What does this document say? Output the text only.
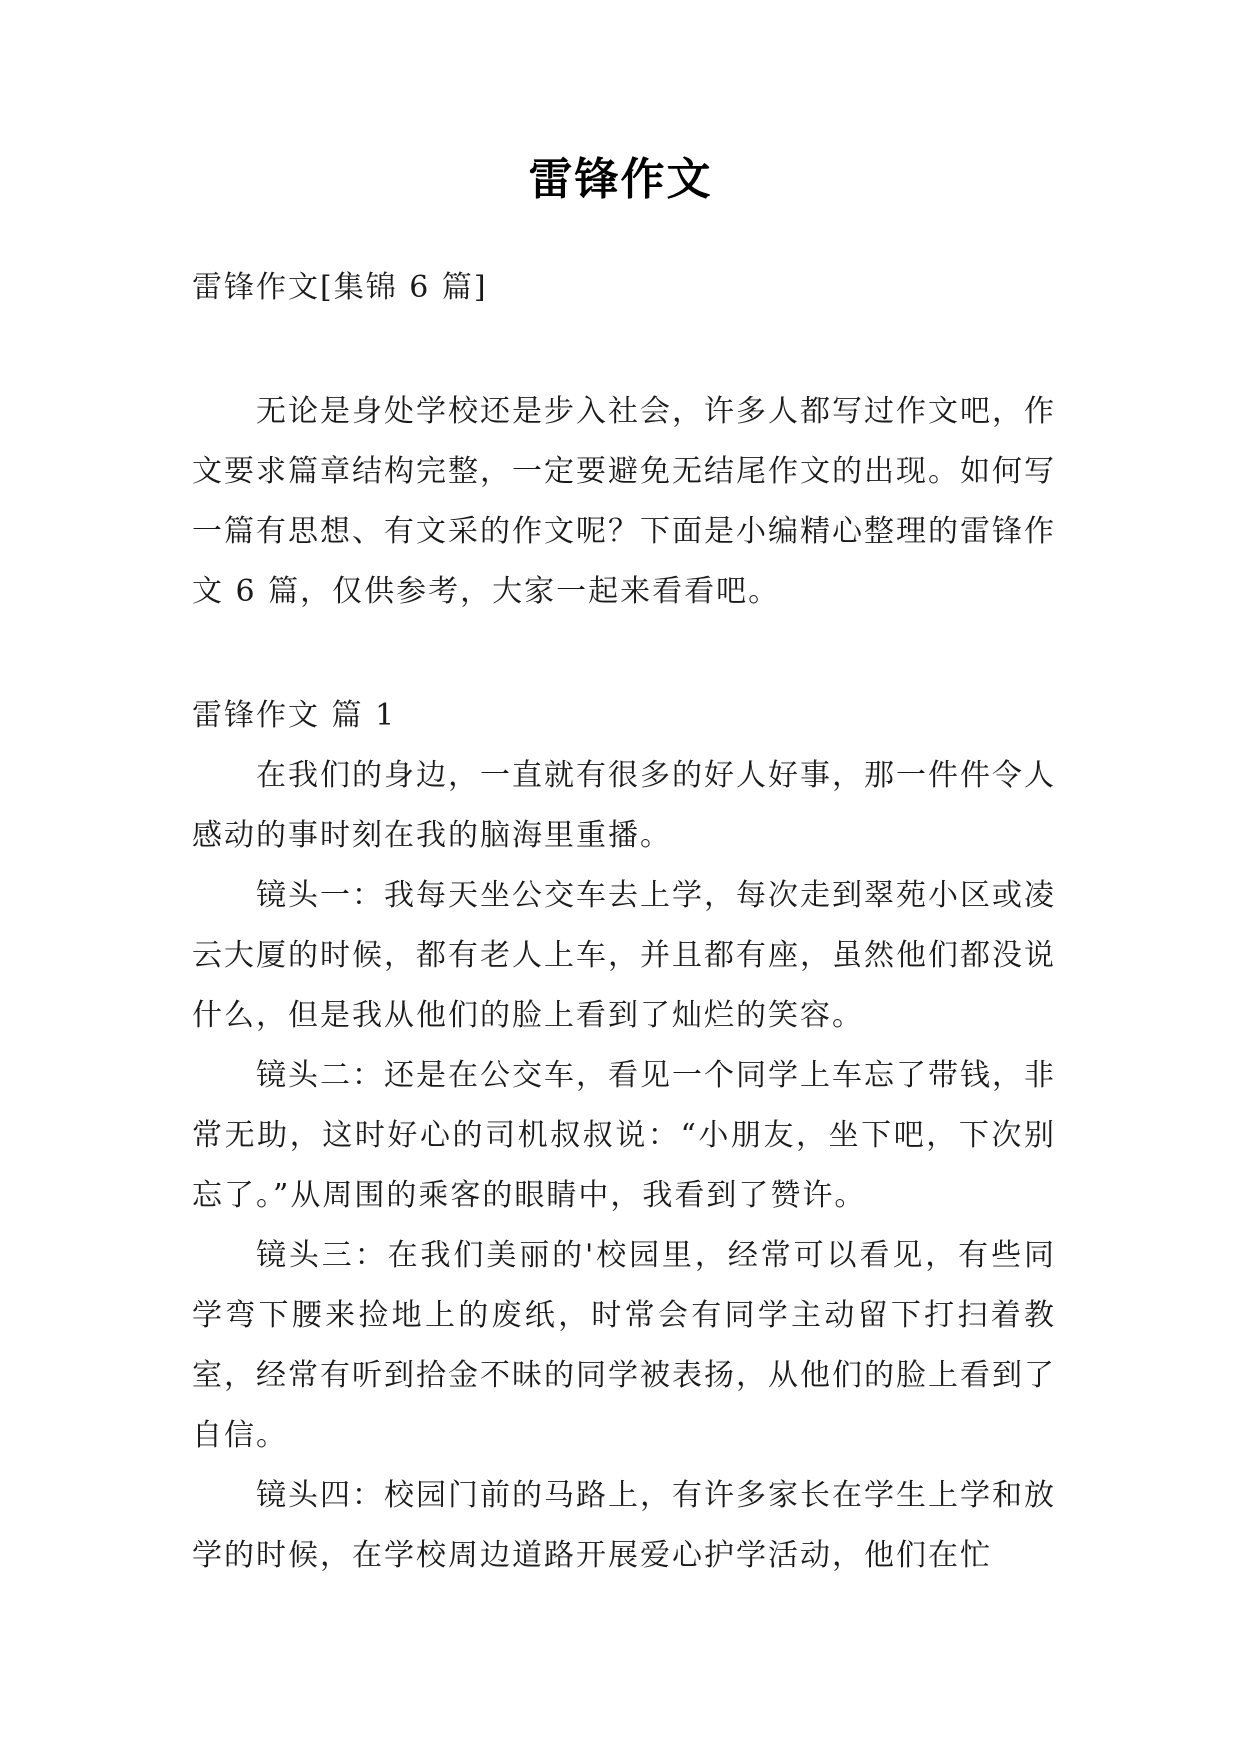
雷锋作文

雷锋作文[集锦 6 篇]

无论是身处学校还是步入社会，许多人都写过作文吧，作文要求篇章结构完整，一定要避免无结尾作文的出现。如何写一篇有思想、有文采的作文呢？下面是小编精心整理的雷锋作文 6 篇，仅供参考，大家一起来看看吧。

雷锋作文 篇 1

在我们的身边，一直就有很多的好人好事，那一件件令人感动的事时刻在我的脑海里重播。

镜头一：我每天坐公交车去上学，每次走到翠苑小区或凌云大厦的时候，都有老人上车，并且都有座，虽然他们都没说什么，但是我从他们的脸上看到了灿烂的笑容。

镜头二：还是在公交车，看见一个同学上车忘了带钱，非常无助，这时好心的司机叔叔说：“小朋友，坐下吧，下次别忘了。”从周围的乘客的眼睛中，我看到了赞许。

镜头三：在我们美丽的'校园里，经常可以看见，有些同学弯下腰来捡地上的废纸，时常会有同学主动留下打扫着教室，经常有听到拾金不昧的同学被表扬，从他们的脸上看到了自信。

镜头四：校园门前的马路上，有许多家长在学生上学和放学的时候，在学校周边道路开展爱心护学活动，他们在忙
